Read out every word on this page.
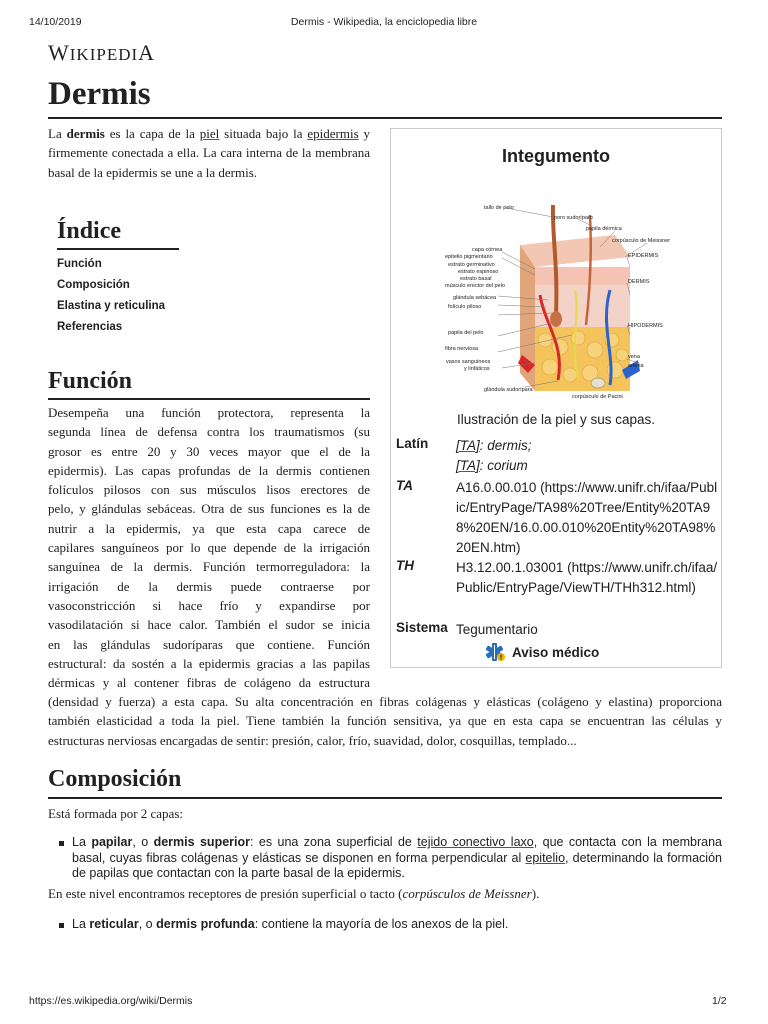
14/10/2019	Dermis - Wikipedia, la enciclopedia libre
WIKIPEDIA
Dermis

La dermis es la capa de la piel situada bajo la epidermis y firmemente conectada a ella. La cara interna de la membrana basal de la epidermis se une a la dermis.

Índice
Función
Composición
Elastina y reticulina
Referencias
Función
Desempeña una función protectora, representa la
segunda línea de defensa contra los traumatismos (su
grosor es entre 20 y 30 veces mayor que el de la
epidermis). Las capas profundas de la dermis contienen
folículos pilosos con sus músculos lisos erectores de
pelo, y glándulas sebáceas. Otra de sus funciones es la de
nutrir a la epidermis, ya que esta capa carece de
capilares sanguíneos por lo que depende de la irrigación
sanguínea de la dermis. Función termorreguladora: la
irrigación de la dermis puede contraerse por
vasoconstricción si hace frío y expandirse por
vasodilatación si hace calor. También el sudor se inicia
en las glándulas sudoríparas que contiene. Función
estructural: da sostén a la epidermis gracias a las papilas
dérmicas y al contener fibras de colágeno da estructura
(densidad y fuerza) a esta capa. Su alta concentración en fibras colágenas y elásticas (colágeno y elastina) proporciona
también elasticidad a toda la piel. Tiene también la función sensitiva, ya que en esta capa se encuentran las células y
estructuras nerviosas encargadas de sentir: presión, calor, frío, suavidad, dolor, cosquillas, templado...
Integumento
tallo de pelo
poro sudoríparo
papila dérmica
corpúsculo de Meissner
capa córnea
epitelio pigmentario	EPIDERMIS
estrato germinativo
estrato espinoso
estrato basal	DERMIS
músculo erector del pelo
glándula sebácea
folículo piloso
HIPODERMIS
papila del pelo
fibra nerviosa
vasos sanguíneos
y linfáticos
vena
arteria
glándula sudorípara
corpúsculo de Pacini
Ilustración de la piel y sus capas.
Latín [TA]: dermis;
[TA]: corium
TA	A16.0.00.010 (https://www.unifr.ch/ifaa/Public/EntryPage/TA98%20Tree/Entity%20TA98%20EN/16.0.00.010%20Entity%20TA98%20EN.htm)
TH	H3.12.00.1.03001 (https://www.unifr.ch/ifaa/Public/EntryPage/ViewTH/THh312.html)
Sistema Tegumentario
Aviso médico
Composición

Está formada por 2 capas:

La papilar, o dermis superior: es una zona superficial de tejido conectivo laxo, que contacta con la membrana basal, cuyas fibras colágenas y elásticas se disponen en forma perpendicular al epitelio, determinando la formación de papilas que contactan con la parte basal de la epidermis.

En este nivel encontramos receptores de presión superficial o tacto (corpúsculos de Meissner).

La reticular, o dermis profunda: contiene la mayoría de los anexos de la piel.
https://es.wikipedia.org/wiki/Dermis	1/2
